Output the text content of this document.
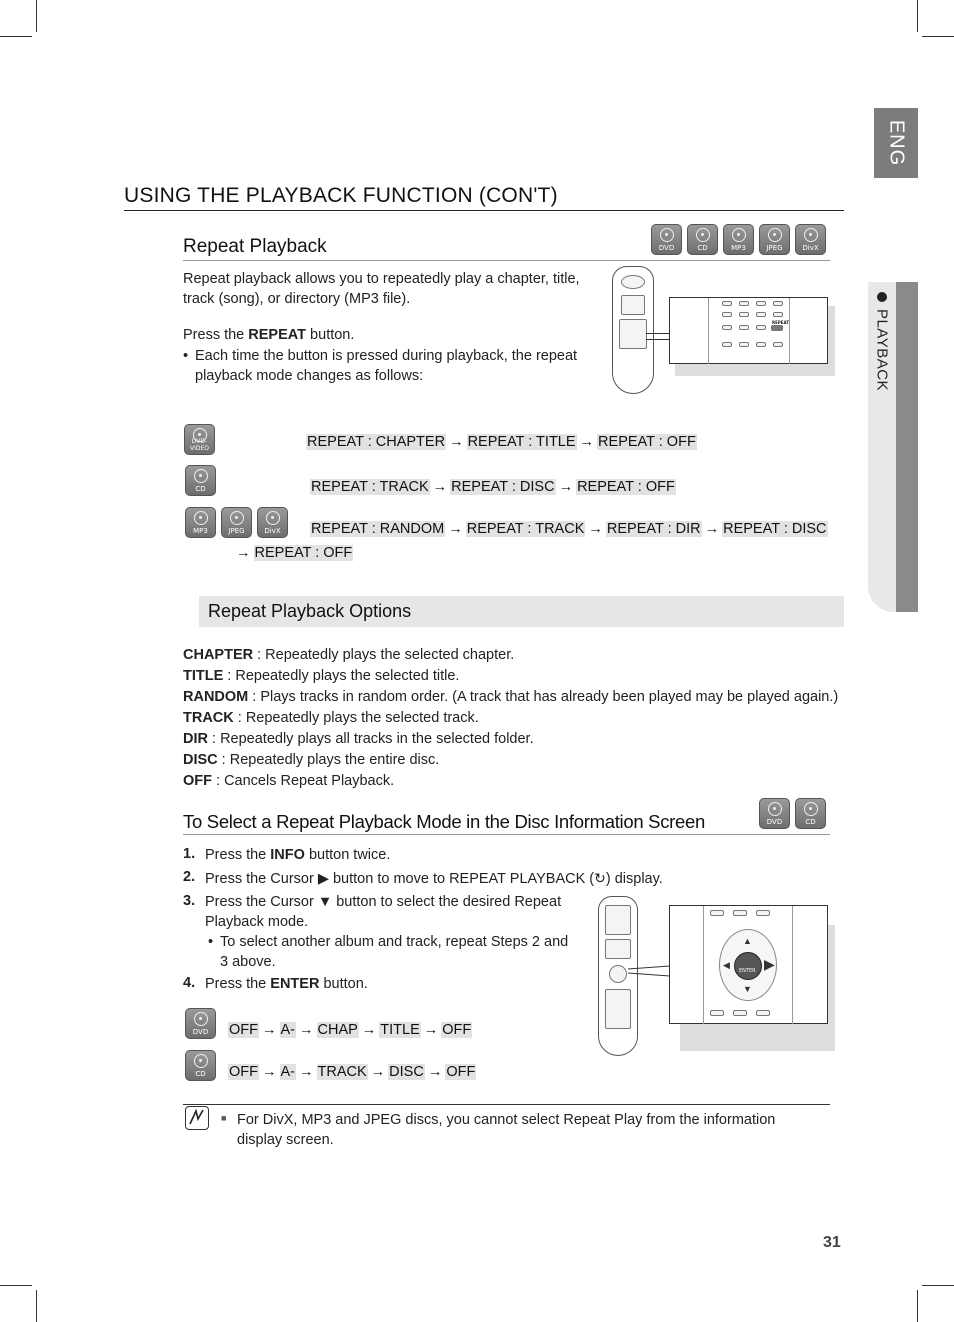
ENG
PLAYBACK
USING THE PLAYBACK FUNCTION (CON'T)
Repeat Playback	DVD	CD	MP3	JPEG	DivX
Repeat playback allows you to repeatedly play a chapter, title, track (song), or directory (MP3 file).
Press the REPEAT button.
• Each time the button is pressed during playback, the repeat playback mode changes as follows:
REPEAT
DVD-VIDEO	REPEAT : CHAPTER → REPEAT : TITLE → REPEAT : OFF
CD	REPEAT : TRACK → REPEAT : DISC → REPEAT : OFF
MP3	JPEG	DivX	REPEAT : RANDOM → REPEAT : TRACK → REPEAT : DIR → REPEAT : DISC
→ REPEAT : OFF
Repeat Playback Options
CHAPTER : Repeatedly plays the selected chapter.
TITLE : Repeatedly plays the selected title.
RANDOM : Plays tracks in random order. (A track that has already been played may be played again.)
TRACK : Repeatedly plays the selected track.
DIR : Repeatedly plays all tracks in the selected folder.
DISC : Repeatedly plays the entire disc.
OFF : Cancels Repeat Playback.
To Select a Repeat Playback Mode in the Disc Information Screen	DVD	CD
1. Press the INFO button twice.
2. Press the Cursor ▶ button to move to REPEAT PLAYBACK (↻) display.
3. Press the Cursor ▼ button to select the desired Repeat Playback mode.
• To select another album and track, repeat Steps 2 and 3 above.
4. Press the ENTER button.
ENTER
▲
▼
◀ ▶
DVD	OFF → A- → CHAP → TITLE → OFF
CD	OFF → A- → TRACK → DISC → OFF
■ For DivX, MP3 and JPEG discs, you cannot select Repeat Play from the information display screen.
31
